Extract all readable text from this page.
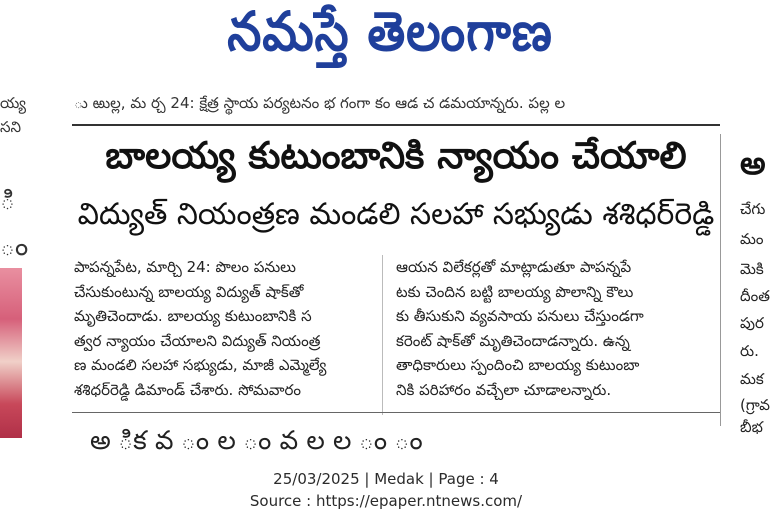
నమస్తే తెలంగాణ
ు ఱుల్ల, మ ర్చ 24: క్షేత్ర స్థాయ పర్యటనం భ గంగా కం ఆడ చ డమయాన్నరు. పల్ల ల
య్య
సని
ి
ం
బాలయ్య కుటుంబానికి న్యాయం చేయాలి
విద్యుత్ నియంత్రణ మండలి సలహా సభ్యుడు శశిధర్‌రెడ్డి
పాపన్నపేట, మార్చి 24: పొలం పనులు
చేసుకుంటున్న బాలయ్య విద్యుత్ షాక్‌తో
మృతిచెందాడు. బాలయ్య కుటుంబానికి స
త్వర న్యాయం చేయాలని విద్యుత్ నియంత్ర
ణ మండలి సలహా సభ్యుడు, మాజీ ఎమ్మెల్యే
శశిధర్‌రెడ్డి డిమాండ్ చేశారు. సోమవారం
ఆయన విలేకర్లతో మాట్లాడుతూ పాపన్నపే
టకు చెందిన బట్టి బాలయ్య పొలాన్ని కౌలు
కు తీసుకుని వ్యవసాయ పనులు చేస్తుండగా
కరెంట్ షాక్‌తో మృతిచెందాడన్నారు. ఉన్న
తాధికారులు స్పందించి బాలయ్య కుటుంబా
నికి పరిహారం వచ్చేలా చూడాలన్నారు.
అ ిక వ ం ల ం వ ల ల ం ం
అ
చేగు
మం
మెకి
దీంత
పుర
రు.
మక
(గ్రావ
బీభ
25/03/2025 | Medak | Page : 4
Source : https://epaper.ntnews.com/
